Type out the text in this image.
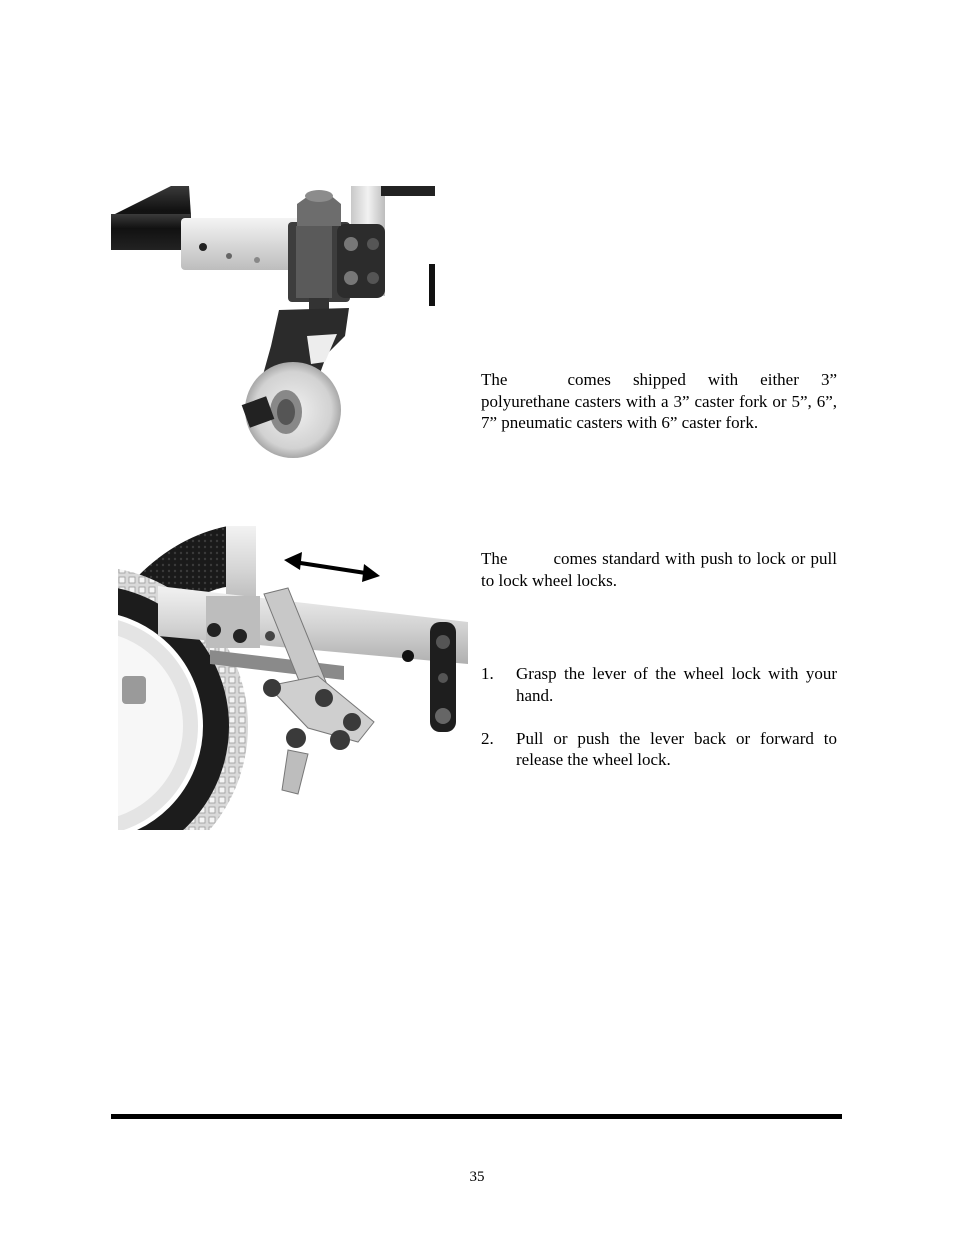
The	comes shipped with either 3” polyurethane casters with a 3” caster fork or 5”, 6”, 7” pneumatic casters with 6” caster fork.
The	comes standard with push to lock or pull to lock wheel locks.
1. Grasp the lever of the wheel lock with your hand.
2. Pull or push the lever back or forward to release the wheel lock.
35
